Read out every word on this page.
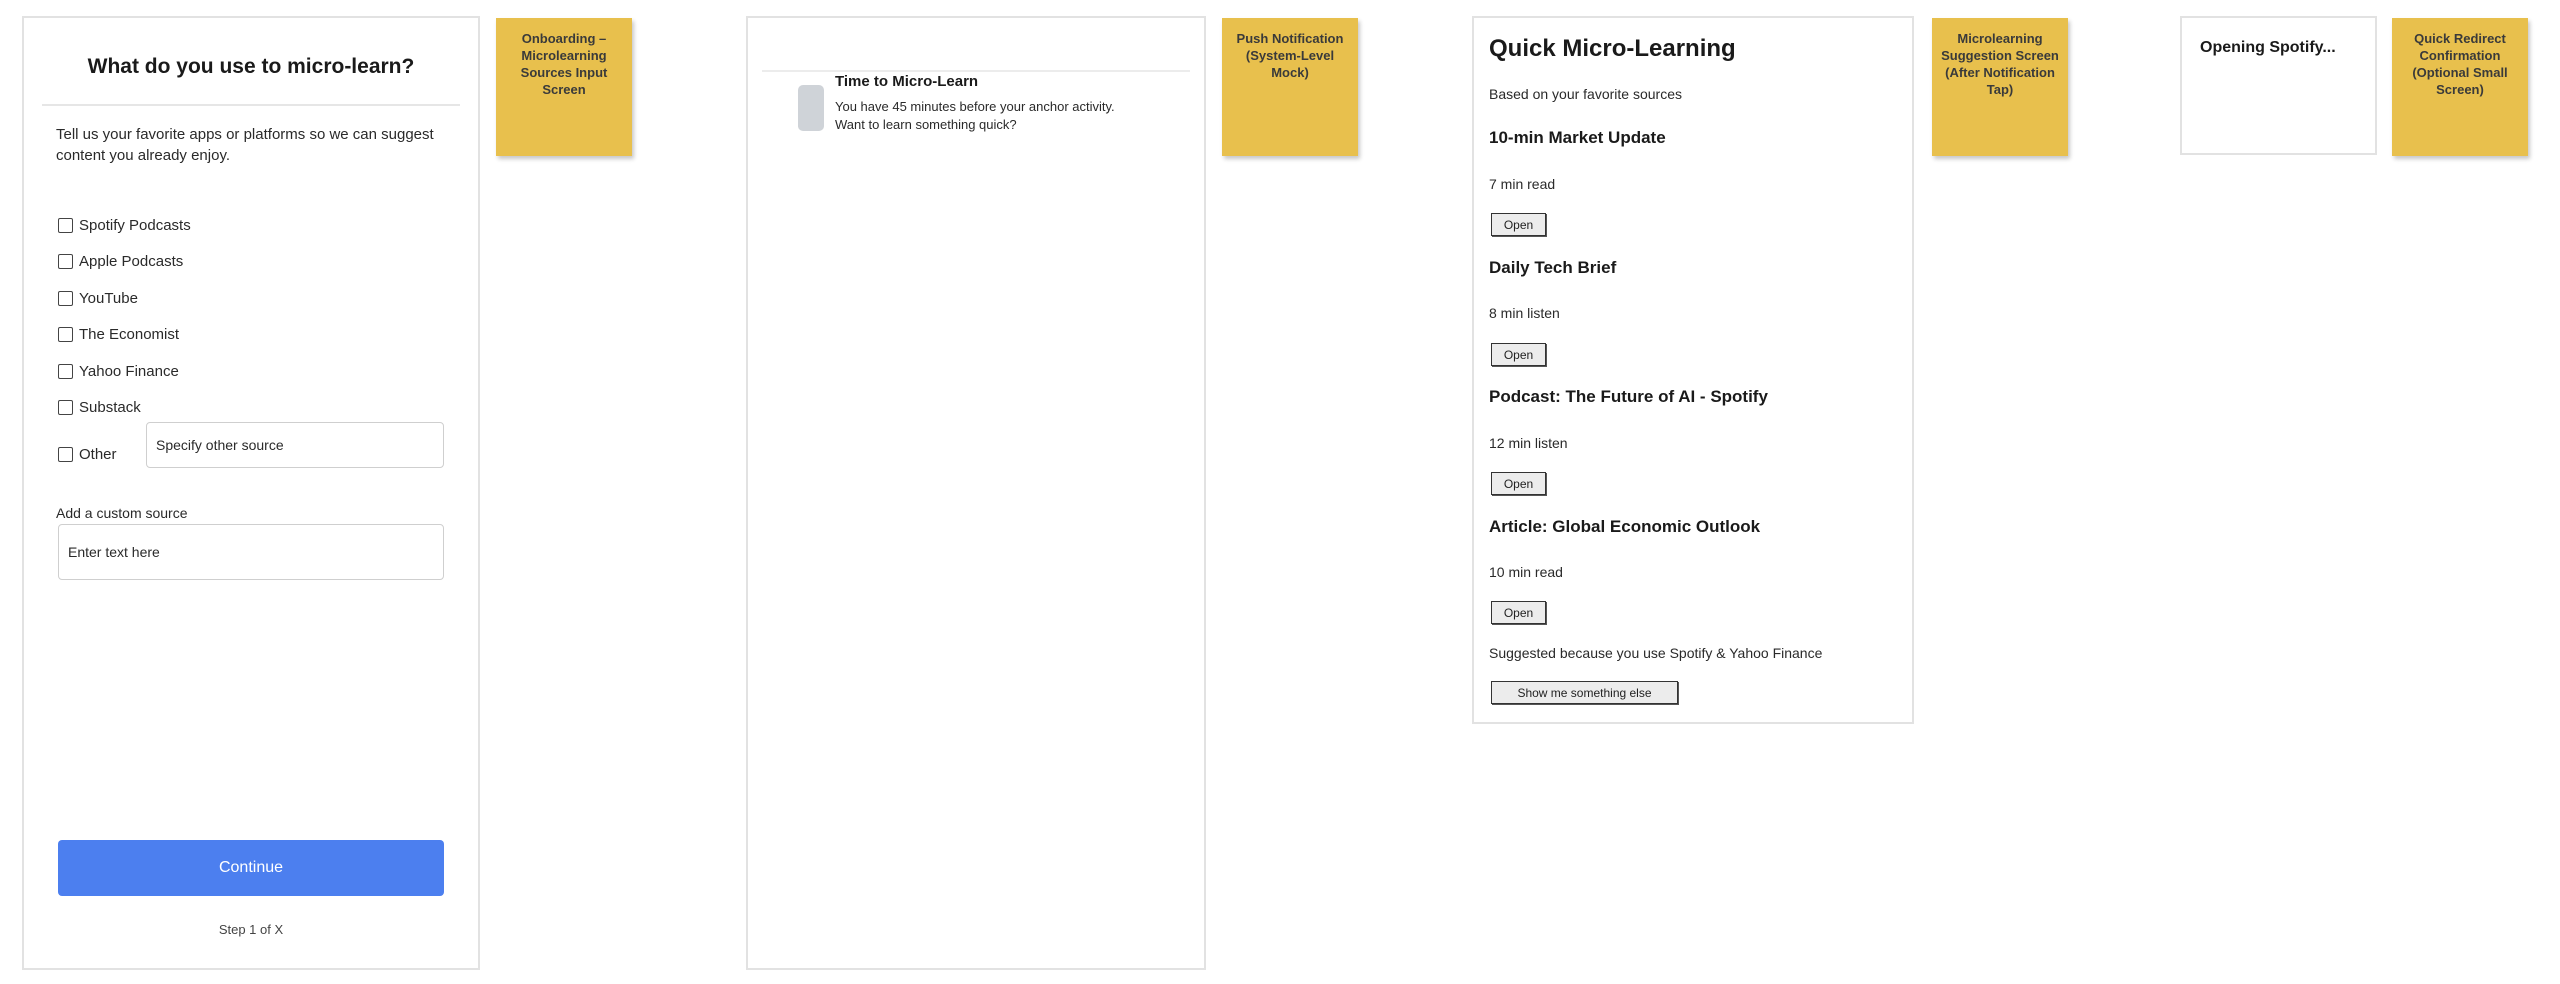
What do you use to micro-learn?
Tell us your favorite apps or platforms so we can suggest content you already enjoy.
Spotify Podcasts
Apple Podcasts
YouTube
The Economist
Yahoo Finance
Substack
Other
Specify other source
Add a custom source
Enter text here
Continue
Step 1 of X
Onboarding – Microlearning Sources Input Screen	Time to Micro-Learn
You have 45 minutes before your anchor activity. Want to learn something quick?
Push Notification (System-Level Mock)
Quick Micro-Learning
Based on your favorite sources
10-min Market Update
7 min read
Open
Daily Tech Brief
8 min listen
Open
Podcast: The Future of AI - Spotify
12 min listen
Open
Article: Global Economic Outlook
10 min read
Open
Suggested because you use Spotify & Yahoo Finance
Show me something else
Microlearning Suggestion Screen (After Notification Tap)
Opening Spotify...
Quick Redirect Confirmation (Optional Small Screen)
